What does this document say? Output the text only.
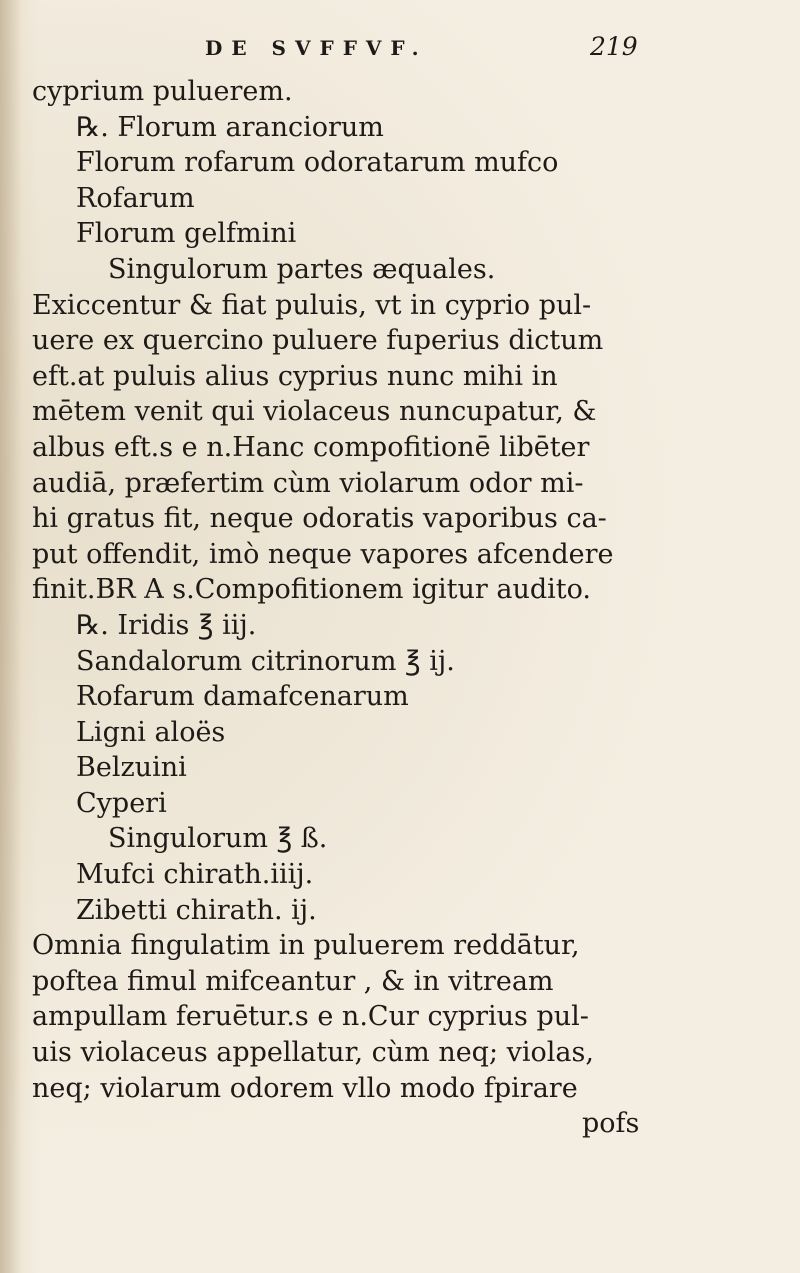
DE SVFFVF.	219
cyprium puluerem.
℞. Florum aranciorum
Florum rofarum odoratarum mufco
Rofarum
Florum gelfmini
Singulorum partes æquales.
Exiccentur & fiat puluis, vt in cyprio pul-
uere ex quercino puluere fuperius dictum
eft.at puluis alius cyprius nunc mihi in
mētem venit qui violaceus nuncupatur, &
albus eft.s e n.Hanc compofitionē libēter
audiā, præfertim cùm violarum odor mi-
hi gratus fit, neque odoratis vaporibus ca-
put offendit, imò neque vapores afcendere
finit.BR A s.Compofitionem igitur audito.
℞. Iridis ℥ iij.
Sandalorum citrinorum ℥ ij.
Rofarum damafcenarum
Ligni aloës
Belzuini
Cyperi
Singulorum ℥ ß.
Mufci chirath.iiij.
Zibetti chirath. ij.
Omnia fingulatim in puluerem reddātur,
poftea fimul mifceantur , & in vitream
ampullam feruētur.s e n.Cur cyprius pul-
uis violaceus appellatur, cùm neq; violas,
neq; violarum odorem vllo modo fpirare
pofs
